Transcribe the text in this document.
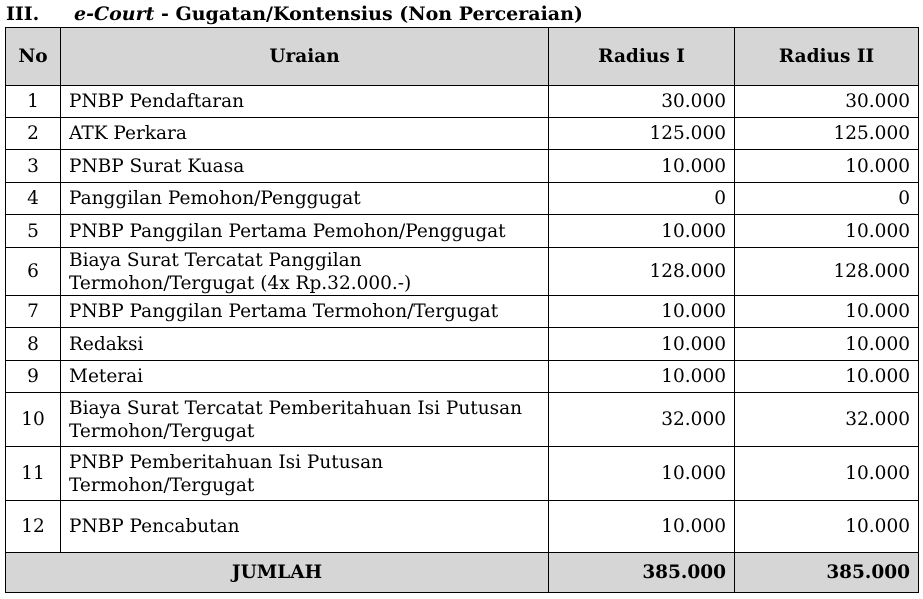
III. e-Court - Gugatan/Kontensius (Non Perceraian)
No	Uraian	Radius I	Radius II
1	PNBP Pendaftaran	30.000	30.000
2	ATK Perkara	125.000	125.000
3	PNBP Surat Kuasa	10.000	10.000
4	Panggilan Pemohon/Penggugat	0	0
5	PNBP Panggilan Pertama Pemohon/Penggugat	10.000	10.000
6	Biaya Surat Tercatat Panggilan Termohon/Tergugat (4x Rp.32.000.-)	128.000	128.000
7	PNBP Panggilan Pertama Termohon/Tergugat	10.000	10.000
8	Redaksi	10.000	10.000
9	Meterai	10.000	10.000
10	Biaya Surat Tercatat Pemberitahuan Isi Putusan Termohon/Tergugat	32.000	32.000
11	PNBP Pemberitahuan Isi Putusan Termohon/Tergugat	10.000	10.000
12	PNBP Pencabutan	10.000	10.000
JUMLAH		385.000	385.000
